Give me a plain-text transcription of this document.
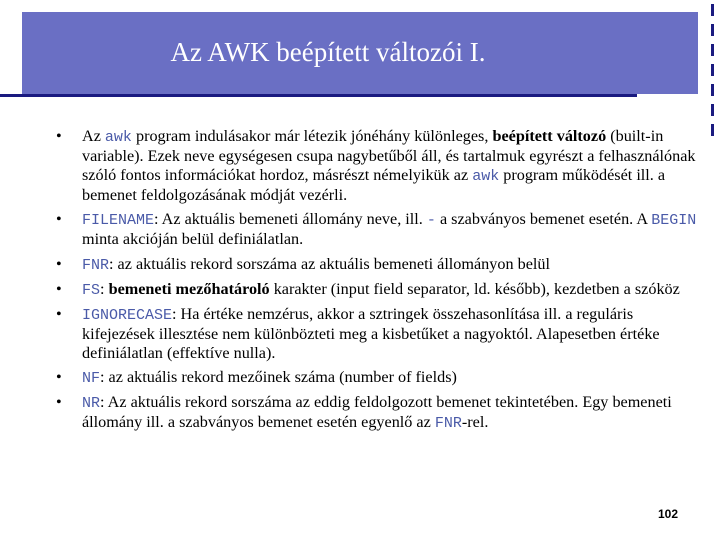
Az AWK beépített változói I.
• Az awk program indulásakor már létezik jónéhány különleges, beépített változó (built-in variable). Ezek neve egységesen csupa nagybetűből áll, és tartalmuk egyrészt a felhasználónak szóló fontos információkat hordoz, másrészt némelyikük az awk program működését ill. a bemenet feldolgozásának módját vezérli.
• FILENAME: Az aktuális bemeneti állomány neve, ill. - a szabványos bemenet esetén. A BEGIN minta akcióján belül definiálatlan.
• FNR: az aktuális rekord sorszáma az aktuális bemeneti állományon belül
• FS: bemeneti mezőhatároló karakter (input field separator, ld. később), kezdetben a szóköz
• IGNORECASE: Ha értéke nemzérus, akkor a sztringek összehasonlítása ill. a reguláris kifejezések illesztése nem különbözteti meg a kisbetűket a nagyoktól. Alapesetben értéke definiálatlan (effektíve nulla).
• NF: az aktuális rekord mezőinek száma (number of fields)
• NR: Az aktuális rekord sorszáma az eddig feldolgozott bemenet tekintetében. Egy bemeneti állomány ill. a szabványos bemenet esetén egyenlő az FNR-rel.
102
